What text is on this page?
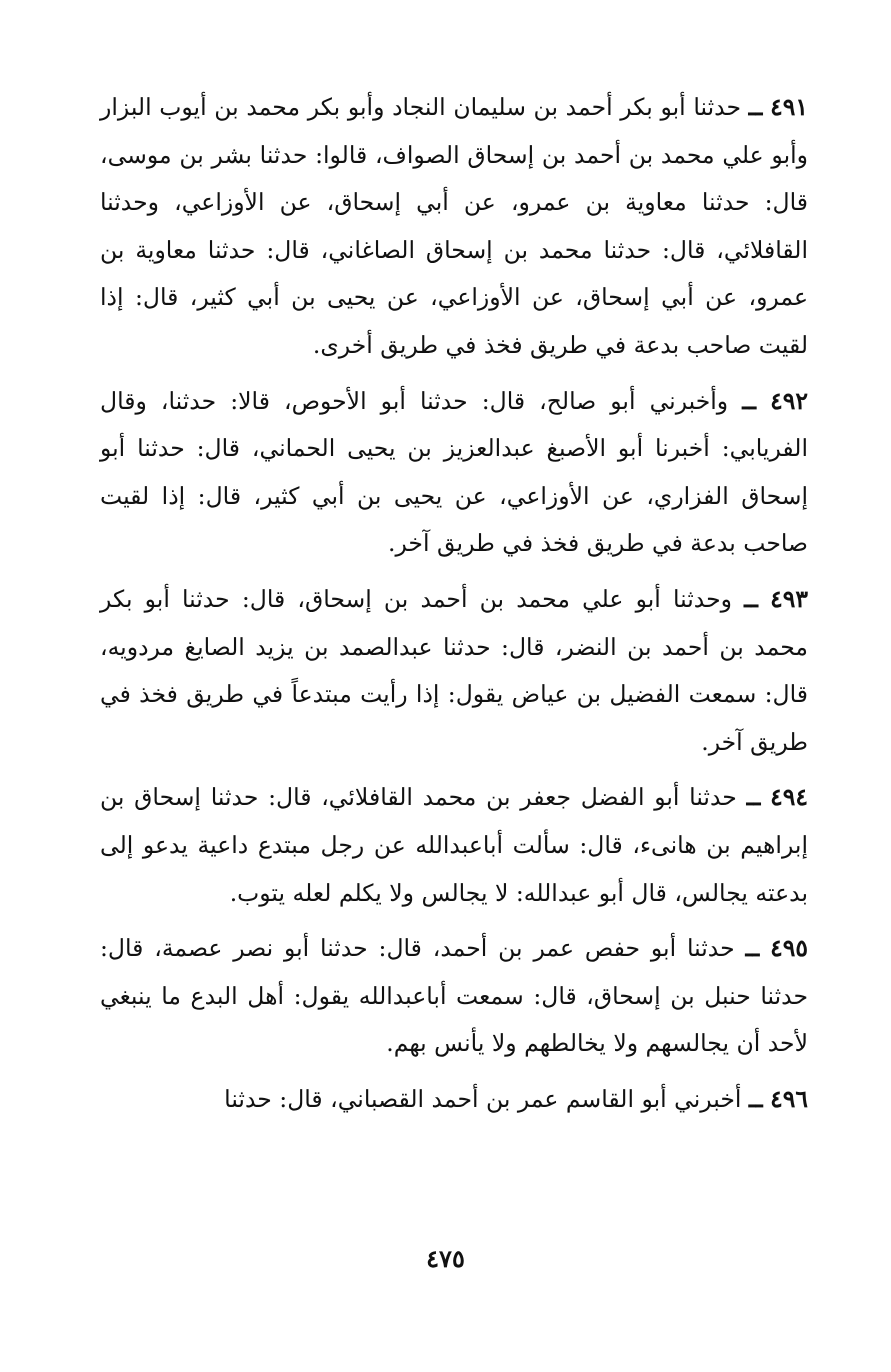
٤٩١ ــ حدثنا أبو بكر أحمد بن سليمان النجاد وأبو بكر محمد بن أيوب البزار وأبو علي محمد بن أحمد بن إسحاق الصواف، قالوا: حدثنا بشر بن موسى، قال: حدثنا معاوية بن عمرو، عن أبي إسحاق، عن الأوزاعي، وحدثنا القافلائي، قال: حدثنا محمد بن إسحاق الصاغاني، قال: حدثنا معاوية بن عمرو، عن أبي إسحاق، عن الأوزاعي، عن يحيى بن أبي كثير، قال: إذا لقيت صاحب بدعة في طريق فخذ في طريق أخرى.

٤٩٢ ــ وأخبرني أبو صالح، قال: حدثنا أبو الأحوص، قالا: حدثنا، وقال الفريابي: أخبرنا أبو الأصبغ عبدالعزيز بن يحيى الحماني، قال: حدثنا أبو إسحاق الفزاري، عن الأوزاعي، عن يحيى بن أبي كثير، قال: إذا لقيت صاحب بدعة في طريق فخذ في طريق آخر.

٤٩٣ ــ وحدثنا أبو علي محمد بن أحمد بن إسحاق، قال: حدثنا أبو بكر محمد بن أحمد بن النضر، قال: حدثنا عبدالصمد بن يزيد الصايغ مردويه، قال: سمعت الفضيل بن عياض يقول: إذا رأيت مبتدعاً في طريق فخذ في طريق آخر.

٤٩٤ ــ حدثنا أبو الفضل جعفر بن محمد القافلائي، قال: حدثنا إسحاق بن إبراهيم بن هانىء، قال: سألت أباعبدالله عن رجل مبتدع داعية يدعو إلى بدعته يجالس، قال أبو عبدالله: لا يجالس ولا يكلم لعله يتوب.

٤٩٥ ــ حدثنا أبو حفص عمر بن أحمد، قال: حدثنا أبو نصر عصمة، قال: حدثنا حنبل بن إسحاق، قال: سمعت أباعبدالله يقول: أهل البدع ما ينبغي لأحد أن يجالسهم ولا يخالطهم ولا يأنس بهم.

٤٩٦ ــ أخبرني أبو القاسم عمر بن أحمد القصباني، قال: حدثنا

٤٧٥
